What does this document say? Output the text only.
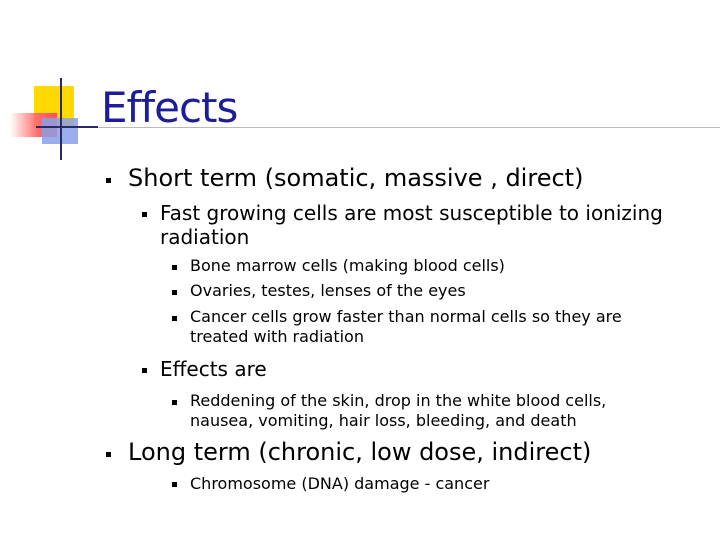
Effects

Short term (somatic, massive , direct)

Fast growing cells are most susceptible to ionizing radiation

Bone marrow cells (making blood cells)

Ovaries, testes, lenses of the eyes

Cancer cells grow faster than normal cells so they are treated with radiation

Effects are

Reddening of the skin, drop in the white blood cells, nausea, vomiting, hair loss, bleeding, and death

Long term (chronic, low dose, indirect)

Chromosome (DNA) damage - cancer
